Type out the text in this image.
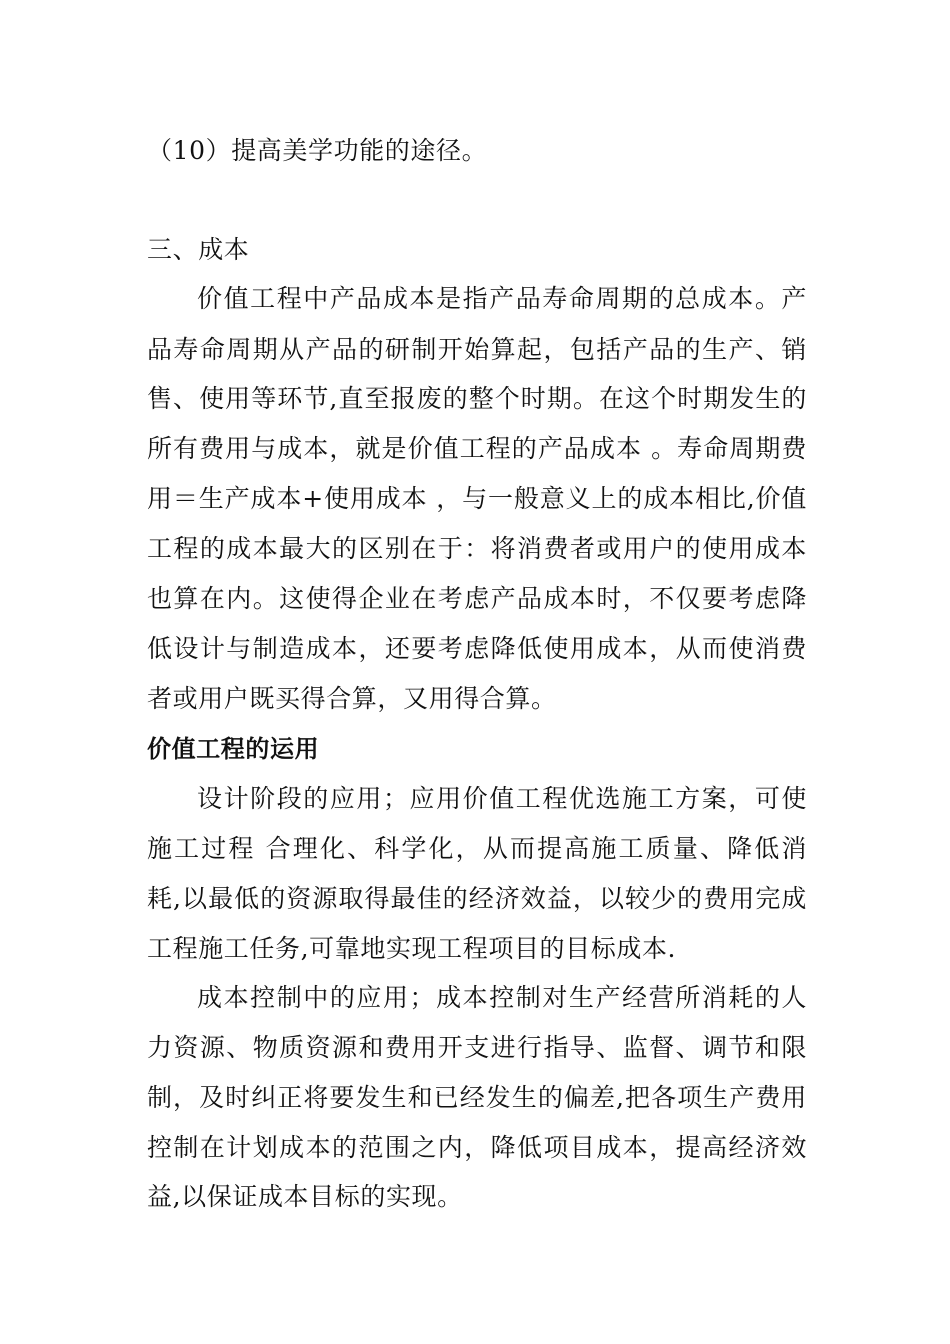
（10）提高美学功能的途径。
三、成本
价值工程中产品成本是指产品寿命周期的总成本。产
品寿命周期从产品的研制开始算起，包括产品的生产、销
售、使用等环节,直至报废的整个时期。在这个时期发生的
所有费用与成本，就是价值工程的产品成本 。寿命周期费
用＝生产成本+使用成本 ，与一般意义上的成本相比,价值
工程的成本最大的区别在于：将消费者或用户的使用成本
也算在内。这使得企业在考虑产品成本时，不仅要考虑降
低设计与制造成本，还要考虑降低使用成本，从而使消费
者或用户既买得合算，又用得合算。
价值工程的运用
设计阶段的应用；应用价值工程优选施工方案，可使
施工过程 合理化、科学化，从而提高施工质量、降低消
耗,以最低的资源取得最佳的经济效益，以较少的费用完成
工程施工任务,可靠地实现工程项目的目标成本.
成本控制中的应用；成本控制对生产经营所消耗的人
力资源、物质资源和费用开支进行指导、监督、调节和限
制，及时纠正将要发生和已经发生的偏差,把各项生产费用
控制在计划成本的范围之内，降低项目成本，提高经济效
益,以保证成本目标的实现。
